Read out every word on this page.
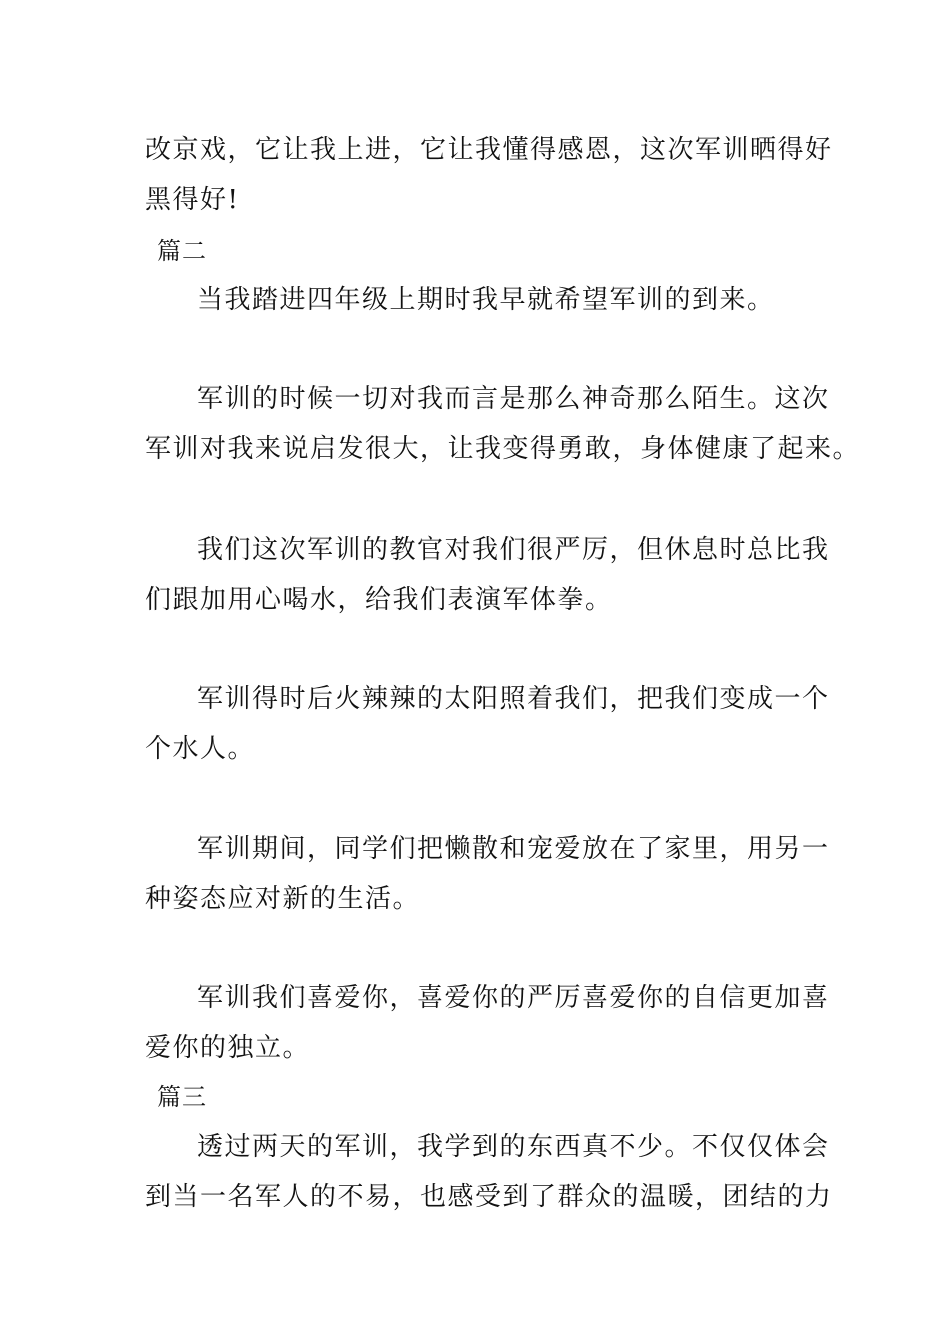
改京戏，它让我上进，它让我懂得感恩，这次军训晒得好
黑得好!
篇二
当我踏进四年级上期时我早就希望军训的到来。
军训的时候一切对我而言是那么神奇那么陌生。这次
军训对我来说启发很大，让我变得勇敢，身体健康了起来。
我们这次军训的教官对我们很严厉，但休息时总比我
们跟加用心喝水，给我们表演军体拳。
军训得时后火辣辣的太阳照着我们，把我们变成一个
个水人。
军训期间，同学们把懒散和宠爱放在了家里，用另一
种姿态应对新的生活。
军训我们喜爱你，喜爱你的严厉喜爱你的自信更加喜
爱你的独立。
篇三
透过两天的军训，我学到的东西真不少。不仅仅体会
到当一名军人的不易，也感受到了群众的温暖，团结的力
